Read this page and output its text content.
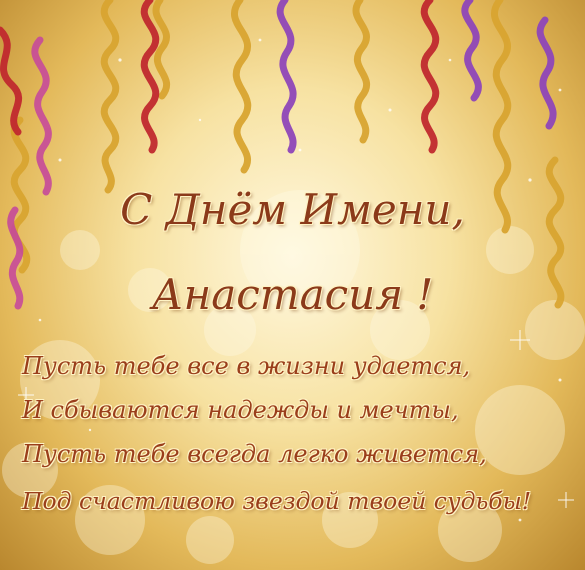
С Днём Имени,
Анастасия !
Пусть тебе все в жизни удается,
И сбываются надежды и мечты,
Пусть тебе всегда легко живется,
Под счастливою звездой твоей судьбы!
